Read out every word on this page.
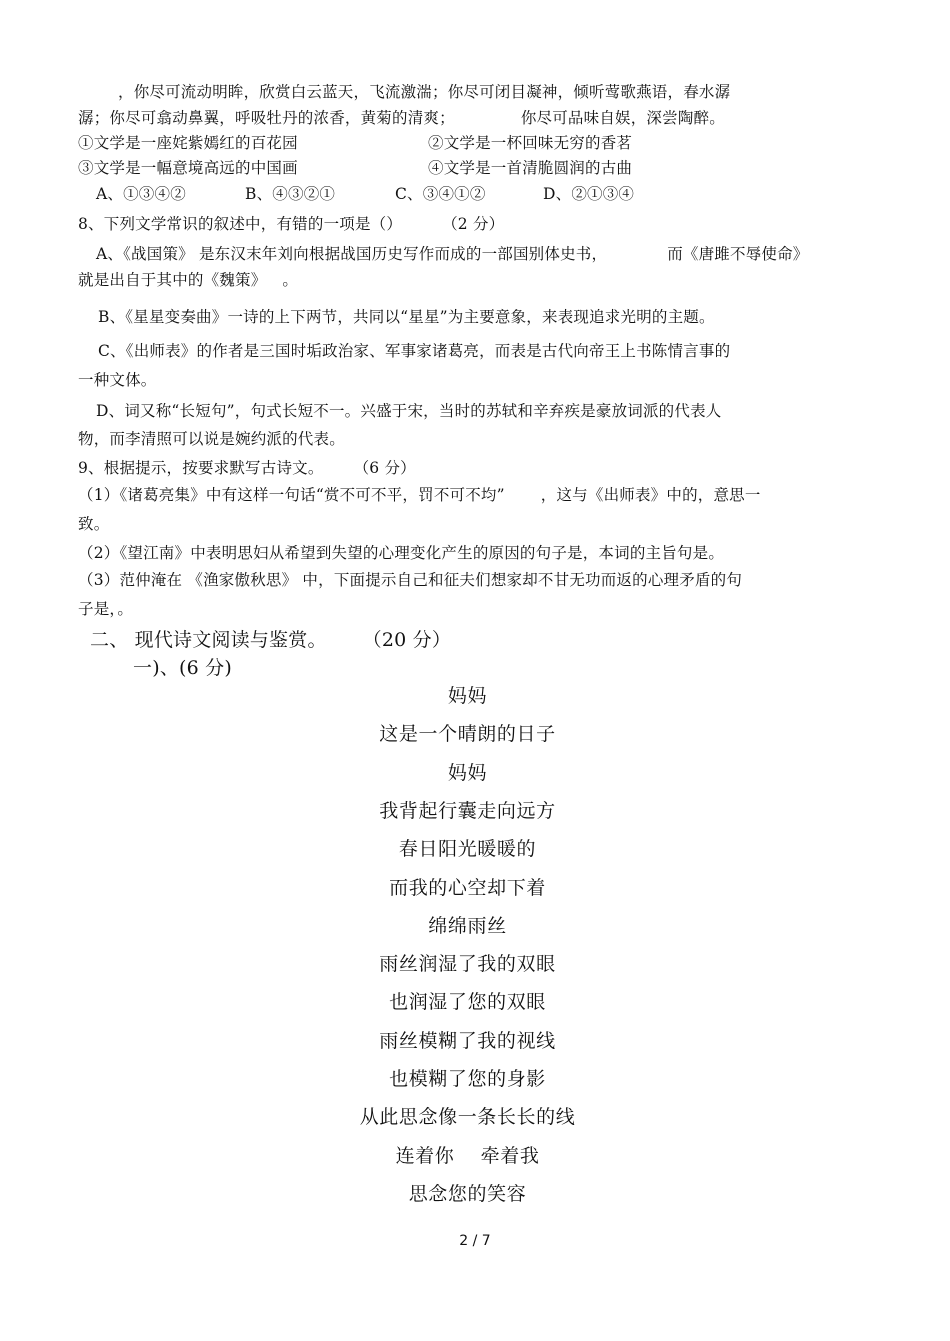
，你尽可流动明眸，欣赏白云蓝天，飞流激湍；你尽可闭目凝神，倾听莺歌燕语，春水潺
潺；你尽可翕动鼻翼，呼吸牡丹的浓香，黄菊的清爽；	你尽可品味自娱，深尝陶醉。
①文学是一座姹紫嫣红的百花园	②文学是一杯回味无穷的香茗
③文学是一幅意境高远的中国画	④文学是一首清脆圆润的古曲
A、①③④②	B、④③②①	C、③④①②	D、②①③④
8、下列文学常识的叙述中，有错的一项是（）	（2 分）
A、《战国策》 是东汉末年刘向根据战国历史写作而成的一部国别体史书，	而《唐雎不辱使命》
就是出自于其中的《魏策》 。
B、《星星变奏曲》一诗的上下两节，共同以“星星”为主要意象，来表现追求光明的主题。
C、《出师表》的作者是三国时垢政治家、军事家诸葛亮，而表是古代向帝王上书陈情言事的
一种文体。
D、词又称“长短句”，句式长短不一。兴盛于宋，当时的苏轼和辛弃疾是豪放词派的代表人
物，而李清照可以说是婉约派的代表。
9、根据提示，按要求默写古诗文。 （6 分）
（1）《诸葛亮集》中有这样一句话“赏不可不平，罚不可不均” ，这与《出师表》中的，意思一
致。
（2）《望江南》中表明思妇从希望到失望的心理变化产生的原因的句子是，本词的主旨句是。
（3）范仲淹在 《渔家傲秋思》 中，下面提示自己和征夫们想家却不甘无功而返的心理矛盾的句
子是，。
二、 现代诗文阅读与鉴赏。 （20 分）
一)、(6 分)
妈妈
这是一个晴朗的日子
妈妈
我背起行囊走向远方
春日阳光暖暖的
而我的心空却下着
绵绵雨丝
雨丝润湿了我的双眼
也润湿了您的双眼
雨丝模糊了我的视线
也模糊了您的身影
从此思念像一条长长的线
连着你　 牵着我
思念您的笑容
2 / 7
